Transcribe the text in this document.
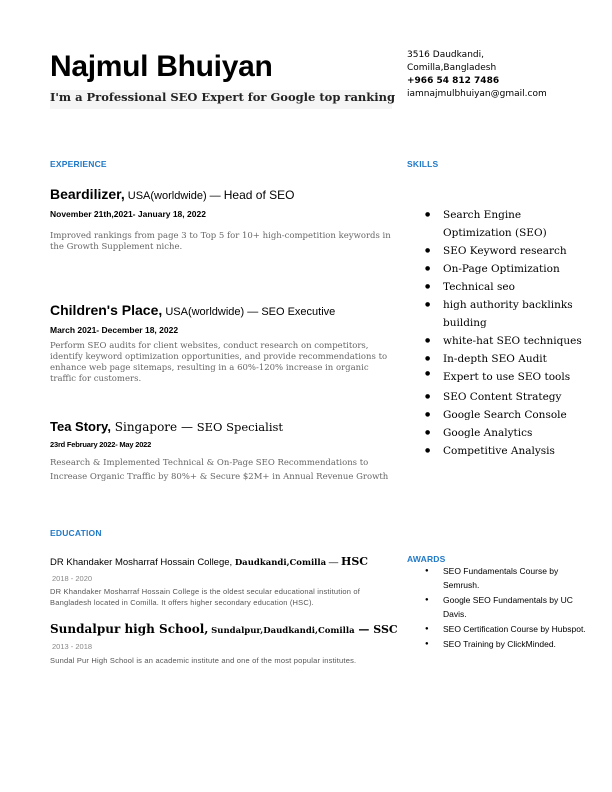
Najmul Bhuiyan
I'm a Professional SEO Expert for Google top ranking
3516 Daudkandi,
Comilla,Bangladesh
+966 54 812 7486
iamnajmulbhuiyan@gmail.com
EXPERIENCE
Beardilizer, USA(worldwide) — Head of SEO
November 21th,2021- January 18, 2022
Improved rankings from page 3 to Top 5 for 10+ high-competition keywords in the Growth Supplement niche.
Children's Place, USA(worldwide) — SEO Executive
March 2021- December 18, 2022
Perform SEO audits for client websites, conduct research on competitors, identify keyword optimization opportunities, and provide recommendations to enhance web page sitemaps, resulting in a 60%-120% increase in organic traffic for customers.
Tea Story, Singapore — SEO Specialist
23rd February 2022- May 2022
Research & Implemented Technical & On-Page SEO Recommendations to Increase Organic Traffic by 80%+ & Secure $2M+ in Annual Revenue Growth
EDUCATION
DR Khandaker Mosharraf Hossain College, Daudkandi,Comilla — HSC
2018 - 2020
DR Khandaker Mosharraf Hossain College is the oldest secular educational institution of Bangladesh located in Comilla. It offers higher secondary education (HSC).
Sundalpur high School, Sundalpur,Daudkandi,Comilla — SSC
2013 - 2018
Sundal Pur High School is an academic institute and one of the most popular institutes.
SKILLS
● Search Engine Optimization (SEO)
● SEO Keyword research
● On-Page Optimization
● Technical seo
● high authority backlinks building
● white-hat SEO techniques
● In-depth SEO Audit
● Expert to use SEO tools
● SEO Content Strategy
● Google Search Console
● Google Analytics
● Competitive Analysis
AWARDS
● SEO Fundamentals Course by Semrush.
● Google SEO Fundamentals by UC Davis.
● SEO Certification Course by Hubspot.
● SEO Training by ClickMinded.
